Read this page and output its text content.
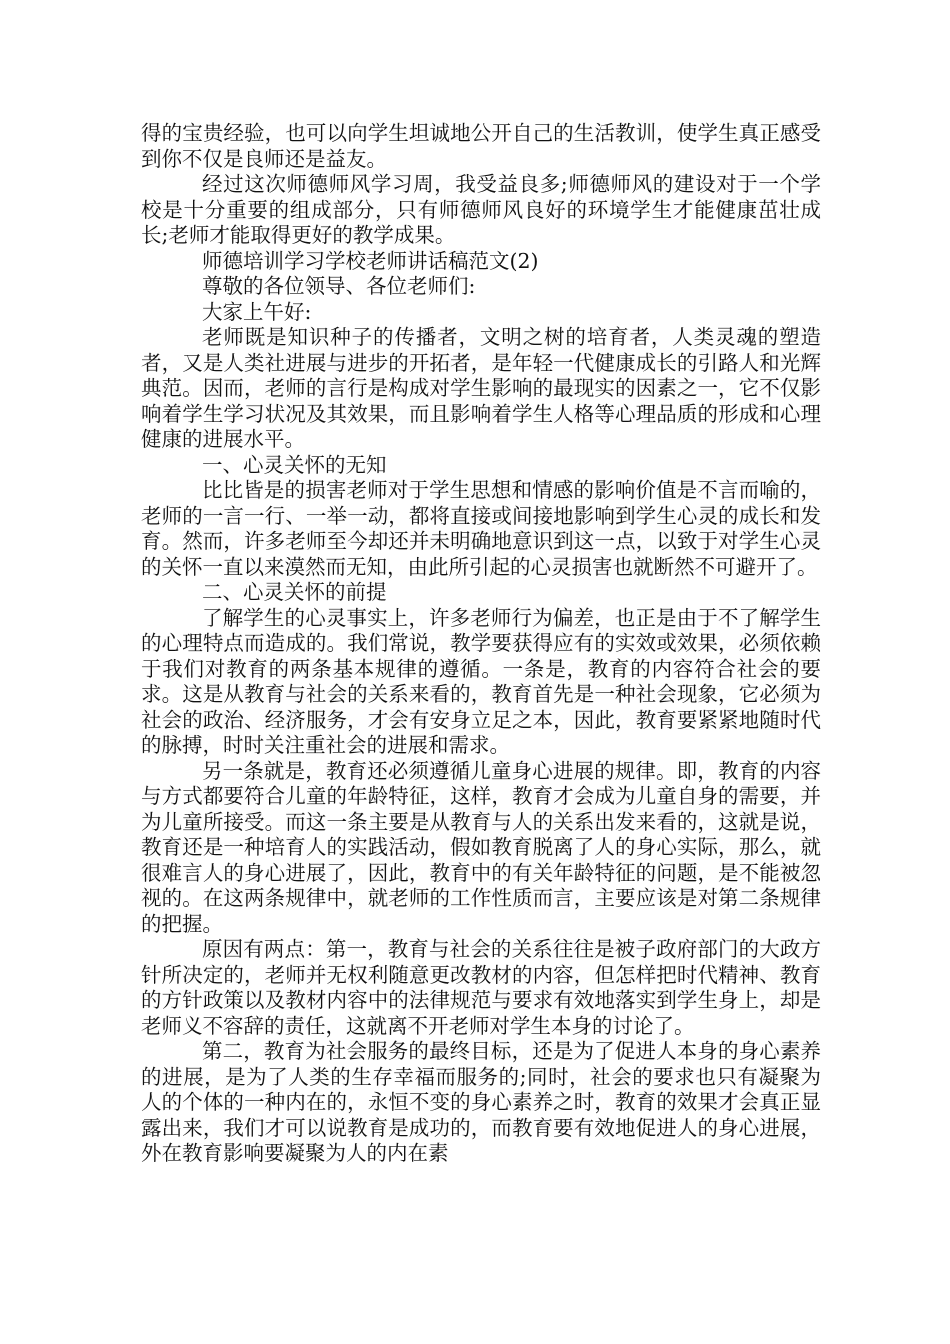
得的宝贵经验，也可以向学生坦诚地公开自己的生活教训，使学生真正感受到你不仅是良师还是益友。

经过这次师德师风学习周，我受益良多;师德师风的建设对于一个学校是十分重要的组成部分，只有师德师风良好的环境学生才能健康茁壮成长;老师才能取得更好的教学成果。

师德培训学习学校老师讲话稿范文(2)

尊敬的各位领导、各位老师们:

大家上午好:

老师既是知识种子的传播者，文明之树的培育者，人类灵魂的塑造者，又是人类社进展与进步的开拓者，是年轻一代健康成长的引路人和光辉典范。因而，老师的言行是构成对学生影响的最现实的因素之一，它不仅影响着学生学习状况及其效果，而且影响着学生人格等心理品质的形成和心理健康的进展水平。

一、心灵关怀的无知

比比皆是的损害老师对于学生思想和情感的影响价值是不言而喻的，老师的一言一行、一举一动，都将直接或间接地影响到学生心灵的成长和发育。然而，许多老师至今却还并未明确地意识到这一点，以致于对学生心灵的关怀一直以来漠然而无知，由此所引起的心灵损害也就断然不可避开了。

二、心灵关怀的前提

了解学生的心灵事实上，许多老师行为偏差，也正是由于不了解学生的心理特点而造成的。我们常说，教学要获得应有的实效或效果，必须依赖于我们对教育的两条基本规律的遵循。一条是，教育的内容符合社会的要求。这是从教育与社会的关系来看的，教育首先是一种社会现象，它必须为社会的政治、经济服务，才会有安身立足之本，因此，教育要紧紧地随时代的脉搏，时时关注重社会的进展和需求。

另一条就是，教育还必须遵循儿童身心进展的规律。即，教育的内容与方式都要符合儿童的年龄特征，这样，教育才会成为儿童自身的需要，并为儿童所接受。而这一条主要是从教育与人的关系出发来看的，这就是说，教育还是一种培育人的实践活动，假如教育脱离了人的身心实际，那么，就很难言人的身心进展了，因此，教育中的有关年龄特征的问题，是不能被忽视的。在这两条规律中，就老师的工作性质而言，主要应该是对第二条规律的把握。

原因有两点：第一，教育与社会的关系往往是被子政府部门的大政方针所决定的，老师并无权利随意更改教材的内容，但怎样把时代精神、教育的方针政策以及教材内容中的法律规范与要求有效地落实到学生身上，却是老师义不容辞的责任，这就离不开老师对学生本身的讨论了。

第二，教育为社会服务的最终目标，还是为了促进人本身的身心素养的进展，是为了人类的生存幸福而服务的;同时，社会的要求也只有凝聚为人的个体的一种内在的，永恒不变的身心素养之时，教育的效果才会真正显露出来，我们才可以说教育是成功的，而教育要有效地促进人的身心进展，外在教育影响要凝聚为人的内在素
